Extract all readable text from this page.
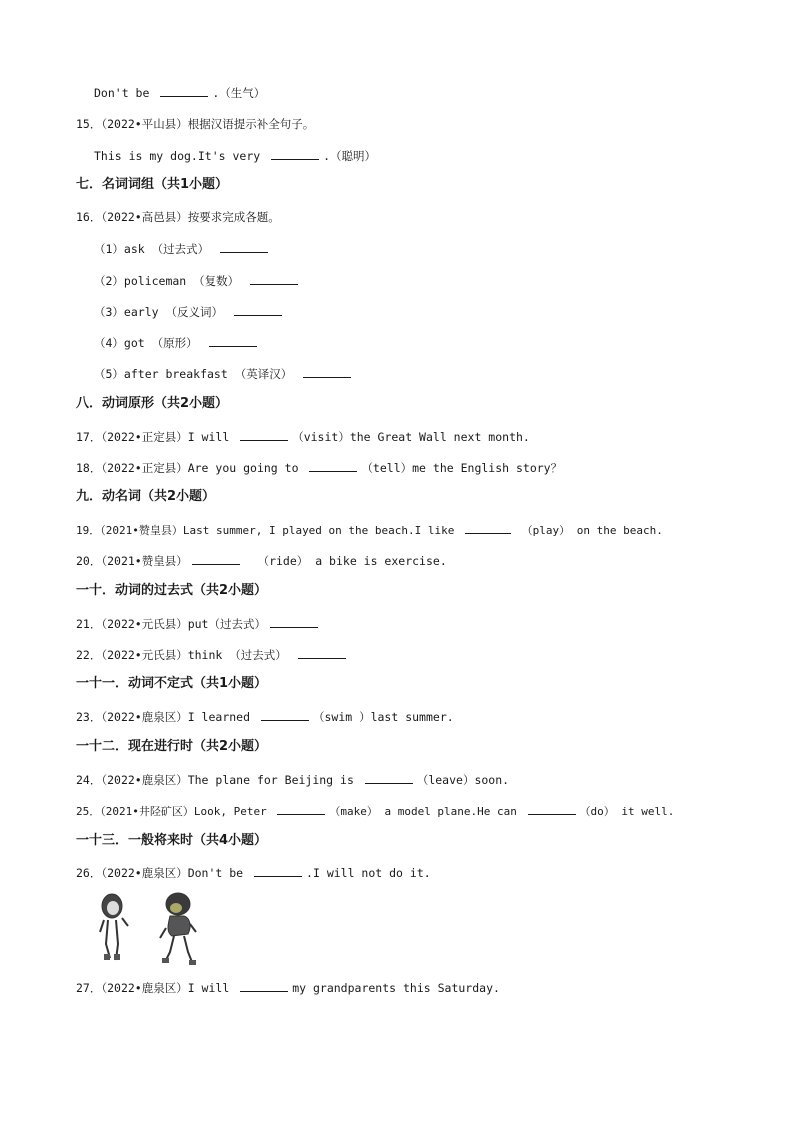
Don't be	.（生气）
15．（2022•平山县）根据汉语提示补全句子。
This is my dog.It's very	.（聪明）
七．名词词组（共1小题）
16．（2022•高邑县）按要求完成各题。
（1）ask （过去式）
（2）policeman （复数）
（3）early （反义词）
（4）got （原形）
（5）after breakfast （英译汉）
八．动词原形（共2小题）
17．（2022•正定县）I will	（visit）the Great Wall next month.
18．（2022•正定县）Are you going to	（tell）me the English story？
九．动名词（共2小题）
19．（2021•赞皇县）Last summer, I played on the beach.I like	（play） on the beach.
20．（2021•赞皇县）	（ride） a bike is exercise.
一十．动词的过去式（共2小题）
21．（2022•元氏县）put（过去式）
22．（2022•元氏县）think （过去式）
一十一．动词不定式（共1小题）
23．（2022•鹿泉区）I learned	（swim ）last summer.
一十二．现在进行时（共2小题）
24．（2022•鹿泉区）The plane for Beijing is	（leave）soon.
25．（2021•井陉矿区）Look, Peter	（make） a model plane.He can	（do） it well.
一十三．一般将来时（共4小题）
26．（2022•鹿泉区）Don't be	.I will not do it.
27．（2022•鹿泉区）I will	my grandparents this Saturday.
